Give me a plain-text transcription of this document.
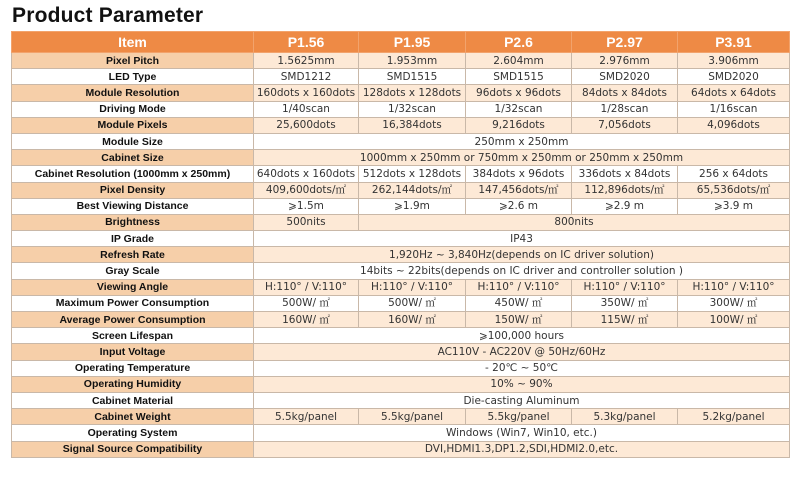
Product Parameter
Item	P1.56	P1.95	P2.6	P2.97	P3.91
Pixel Pitch	1.5625mm	1.953mm	2.604mm	2.976mm	3.906mm
LED Type	SMD1212	SMD1515	SMD1515	SMD2020	SMD2020
Module Resolution	160dots x 160dots	128dots x 128dots	96dots x 96dots	84dots x 84dots	64dots x 64dots
Driving Mode	1/40scan	1/32scan	1/32scan	1/28scan	1/16scan
Module Pixels	25,600dots	16,384dots	9,216dots	7,056dots	4,096dots
Module Size	250mm x 250mm				
Cabinet Size	1000mm x 250mm or 750mm x 250mm or 250mm x 250mm				
Cabinet Resolution (1000mm x 250mm)	640dots x 160dots	512dots x 128dots	384dots x 96dots	336dots x 84dots	256 x 64dots
Pixel Density	409,600dots/㎡	262,144dots/㎡	147,456dots/㎡	112,896dots/㎡	65,536dots/㎡
Best Viewing Distance	⩾1.5m	⩾1.9m	⩾2.6 m	⩾2.9 m	⩾3.9 m
Brightness	500nits	800nits			
IP Grade	IP43				
Refresh Rate	1,920Hz ~ 3,840Hz(depends on IC driver solution)				
Gray Scale	14bits ~ 22bits(depends on IC driver and controller solution )				
Viewing Angle	H:110° / V:110°	H:110° / V:110°	H:110° / V:110°	H:110° / V:110°	H:110° / V:110°
Maximum Power Consumption	500W/ ㎡	500W/ ㎡	450W/ ㎡	350W/ ㎡	300W/ ㎡
Average Power Consumption	160W/ ㎡	160W/ ㎡	150W/ ㎡	115W/ ㎡	100W/ ㎡
Screen Lifespan	⩾100,000 hours				
Input Voltage	AC110V - AC220V @ 50Hz/60Hz				
Operating Temperature	- 20℃ ~ 50℃				
Operating Humidity	10% ~ 90%				
Cabinet Material	Die-casting Aluminum				
Cabinet Weight	5.5kg/panel	5.5kg/panel	5.5kg/panel	5.3kg/panel	5.2kg/panel
Operating System	Windows (Win7, Win10, etc.)				
Signal Source Compatibility	DVI,HDMI1.3,DP1.2,SDI,HDMI2.0,etc.				
